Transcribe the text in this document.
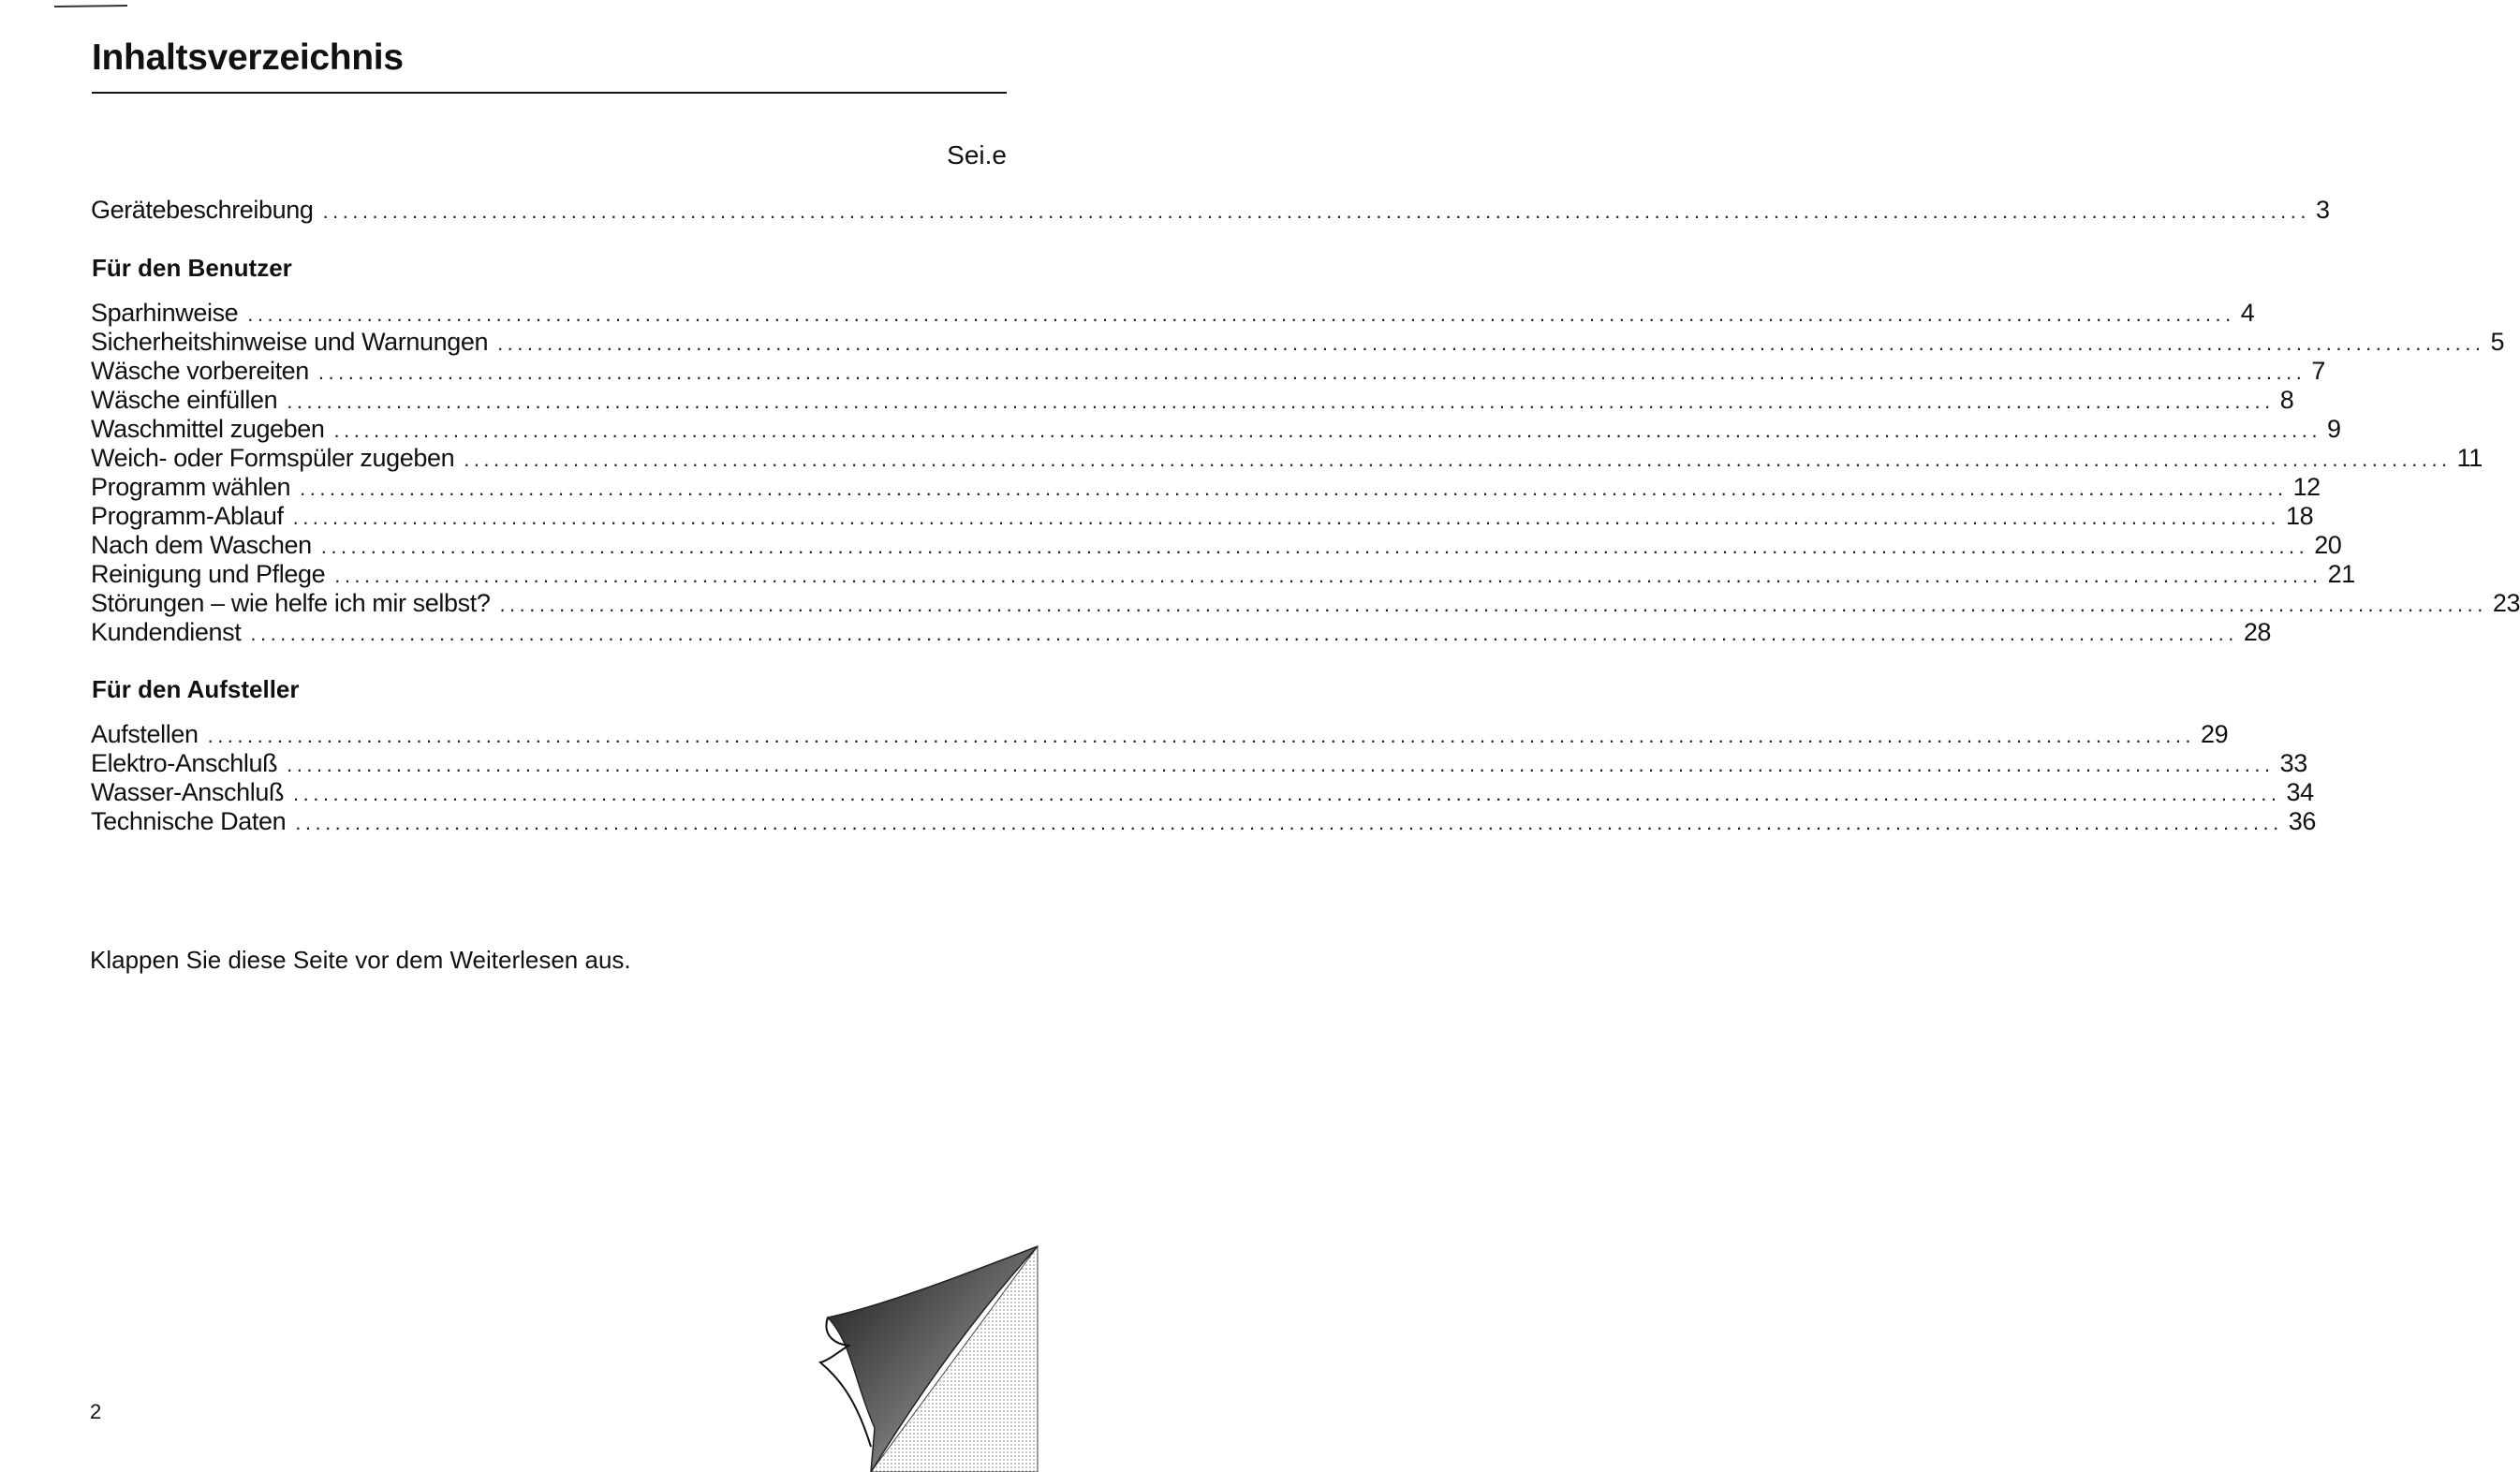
Inhaltsverzeichnis
Sei.e
Gerätebeschreibung ........................................................................................................................................................................................................ 3
Für den Benutzer
Sparhinweise ........................................................................................................................................................................................................ 4
Sicherheitshinweise und Warnungen ........................................................................................................................................................................................................ 5
Wäsche vorbereiten ........................................................................................................................................................................................................ 7
Wäsche einfüllen ........................................................................................................................................................................................................ 8
Waschmittel zugeben ........................................................................................................................................................................................................ 9
Weich- oder Formspüler zugeben ........................................................................................................................................................................................................ 11
Programm wählen ........................................................................................................................................................................................................ 12
Programm-Ablauf ........................................................................................................................................................................................................ 18
Nach dem Waschen ........................................................................................................................................................................................................ 20
Reinigung und Pflege ........................................................................................................................................................................................................ 21
Störungen – wie helfe ich mir selbst? ........................................................................................................................................................................................................ 23
Kundendienst ........................................................................................................................................................................................................ 28
Für den Aufsteller
Aufstellen ........................................................................................................................................................................................................ 29
Elektro-Anschluß ........................................................................................................................................................................................................ 33
Wasser-Anschluß ........................................................................................................................................................................................................ 34
Technische Daten ........................................................................................................................................................................................................ 36

Klappen Sie diese Seite vor dem Weiterlesen aus.

2
